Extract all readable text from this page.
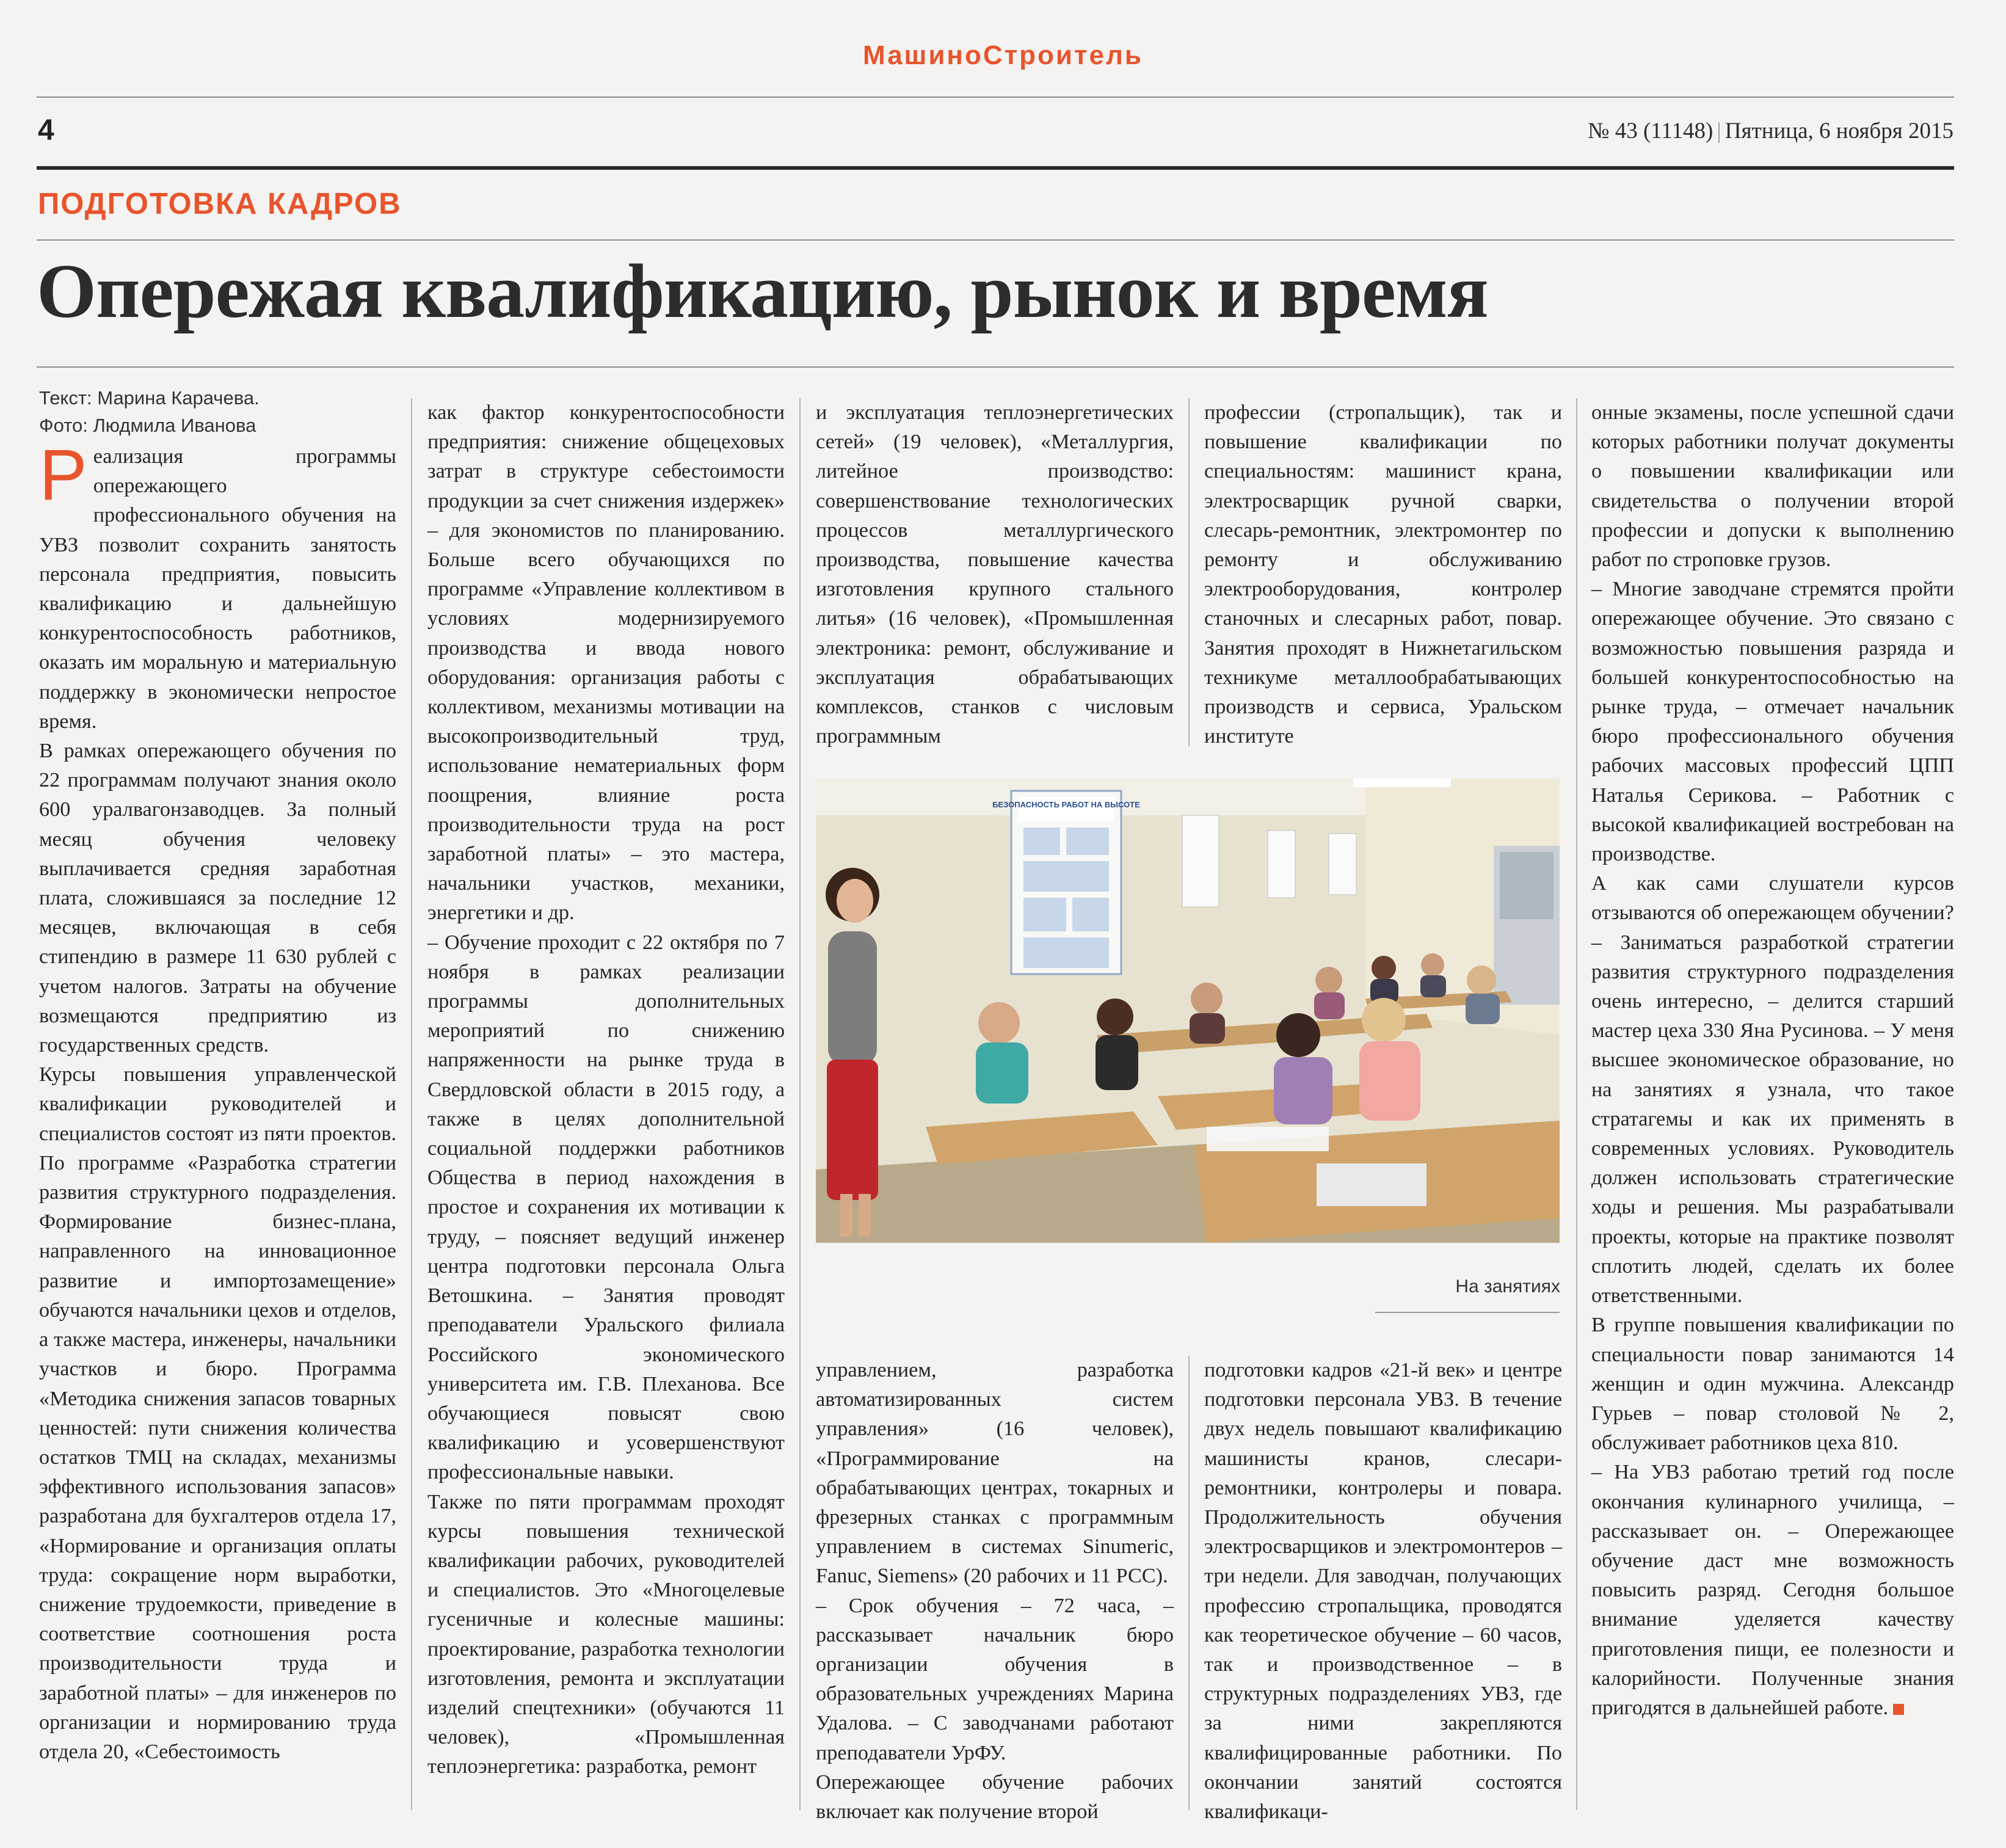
МашиноСтроитель
4	№ 43 (11148) | Пятница, 6 ноября 2015
ПОДГОТОВКА КАДРОВ
Опережая квалификацию, рынок и время
Текст: Марина Карачева.
Фото: Людмила Иванова

Реализация программы опережающего профессионального обучения на УВЗ позволит сохранить занятость персонала предприятия, повысить квалификацию и дальнейшую конкурентоспособность работников, оказать им моральную и материальную поддержку в экономически непростое время.

В рамках опережающего обучения по 22 программам получают знания около 600 уралвагонзаводцев. За полный месяц обучения человеку выплачивается средняя заработная плата, сложившаяся за последние 12 месяцев, включающая в себя стипендию в размере 11 630 рублей с учетом налогов. Затраты на обучение возмещаются предприятию из государственных средств.

Курсы повышения управленческой квалификации руководителей и специалистов состоят из пяти проектов. По программе «Разработка стратегии развития структурного подразделения. Формирование бизнес-плана, направленного на инновационное развитие и импортозамещение» обучаются начальники цехов и отделов, а также мастера, инженеры, начальники участков и бюро. Программа «Методика снижения запасов товарных ценностей: пути снижения количества остатков ТМЦ на складах, механизмы эффективного использования запасов» разработана для бухгалтеров отдела 17, «Нормирование и организация оплаты труда: сокращение норм выработки, снижение трудоемкости, приведение в соответствие соотношения роста производительности труда и заработной платы» – для инженеров по организации и нормированию труда отдела 20, «Себестоимость

как фактор конкурентоспособности предприятия: снижение общецеховых затрат в структуре себестоимости продукции за счет снижения издержек» – для экономистов по планированию. Больше всего обучающихся по программе «Управление коллективом в условиях модернизируемого производства и ввода нового оборудования: организация работы с коллективом, механизмы мотивации на высокопроизводительный труд, использование нематериальных форм поощрения, влияние роста производительности труда на рост заработной платы» – это мастера, начальники участков, механики, энергетики и др.

– Обучение проходит с 22 октября по 7 ноября в рамках реализации программы дополнительных мероприятий по снижению напряженности на рынке труда в Свердловской области в 2015 году, а также в целях дополнительной социальной поддержки работников Общества в период нахождения в простое и сохранения их мотивации к труду, – поясняет ведущий инженер центра подготовки персонала Ольга Ветошкина. – Занятия проводят преподаватели Уральского филиала Российского экономического университета им. Г.В. Плеханова. Все обучающиеся повысят свою квалификацию и усовершенствуют профессиональные навыки.

Также по пяти программам проходят курсы повышения технической квалификации рабочих, руководителей и специалистов. Это «Многоцелевые гусеничные и колесные машины: проектирование, разработка технологии изготовления, ремонта и эксплуатации изделий спецтехники» (обучаются 11 человек), «Промышленная теплоэнергетика: разработка, ремонт

и эксплуатация теплоэнергетических сетей» (19 человек), «Металлургия, литейное производство: совершенствование технологических процессов металлургического производства, повышение качества изготовления крупного стального литья» (16 человек), «Промышленная электроника: ремонт, обслуживание и эксплуатация обрабатывающих комплексов, станков с числовым программным

профессии (стропальщик), так и повышение квалификации по специальностям: машинист крана, электросварщик ручной сварки, слесарь-ремонтник, электромонтер по ремонту и обслуживанию электрооборудования, контролер станочных и слесарных работ, повар. Занятия проходят в Нижнетагильском техникуме металлообрабатывающих производств и сервиса, Уральском институте

БЕЗОПАСНОСТЬ РАБОТ НА ВЫСОТЕ
На занятиях

управлением, разработка автоматизированных систем управления» (16 человек), «Программирование на обрабатывающих центрах, токарных и фрезерных станках с программным управлением в системах Sinumeric, Fanuc, Siemens» (20 рабочих и 11 РСС).

– Срок обучения – 72 часа, – рассказывает начальник бюро организации обучения в образовательных учреждениях Марина Удалова. – С заводчанами работают преподаватели УрФУ.

Опережающее обучение рабочих включает как получение второй

подготовки кадров «21-й век» и центре подготовки персонала УВЗ. В течение двух недель повышают квалификацию машинисты кранов, слесари-ремонтники, контролеры и повара. Продолжительность обучения электросварщиков и электромонтеров – три недели. Для заводчан, получающих профессию стропальщика, проводятся как теоретическое обучение – 60 часов, так и производственное – в структурных подразделениях УВЗ, где за ними закрепляются квалифицированные работники. По окончании занятий состоятся квалификаци-

онные экзамены, после успешной сдачи которых работники получат документы о повышении квалификации или свидетельства о получении второй профессии и допуски к выполнению работ по строповке грузов.

– Многие заводчане стремятся пройти опережающее обучение. Это связано с возможностью повышения разряда и большей конкурентоспособностью на рынке труда, – отмечает начальник бюро профессионального обучения рабочих массовых профессий ЦПП Наталья Серикова. – Работник с высокой квалификацией востребован на производстве.

А как сами слушатели курсов отзываются об опережающем обучении?

– Заниматься разработкой стратегии развития структурного подразделения очень интересно, – делится старший мастер цеха 330 Яна Русинова. – У меня высшее экономическое образование, но на занятиях я узнала, что такое стратагемы и как их применять в современных условиях. Руководитель должен использовать стратегические ходы и решения. Мы разрабатывали проекты, которые на практике позволят сплотить людей, сделать их более ответственными.

В группе повышения квалификации по специальности повар занимаются 14 женщин и один мужчина. Александр Гурьев – повар столовой № 2, обслуживает работников цеха 810.

– На УВЗ работаю третий год после окончания кулинарного училища, – рассказывает он. – Опережающее обучение даст мне возможность повысить разряд. Сегодня большое внимание уделяется качеству приготовления пищи, ее полезности и калорийности. Полученные знания пригодятся в дальнейшей работе.
